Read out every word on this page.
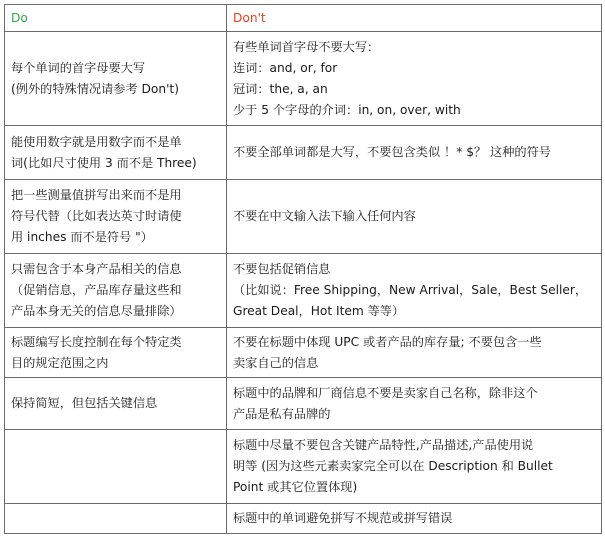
Do	Don't

每个单词的首字母要大写
(例外的特殊情况请参考 Don't)	有些单词首字母不要大写：
连词：and, or, for
冠词：the, a, an
少于 5 个字母的介词：in, on, over, with

能使用数字就是用数字而不是单
词(比如尺寸使用 3 而不是 Three)	不要全部单词都是大写，不要包含类似 ！* $？ 这种的符号

把一些测量值拼写出来而不是用
符号代替（比如表达英寸时请使
用 inches 而不是符号 "）	不要在中文输入法下输入任何内容

只需包含于本身产品相关的信息
（促销信息，产品库存量这些和
产品本身无关的信息尽量排除）	不要包括促销信息
（比如说：Free Shipping，New Arrival，Sale，Best Seller，
Great Deal，Hot Item 等等）

标题编写长度控制在每个特定类
目的规定范围之内	不要在标题中体现 UPC 或者产品的库存量; 不要包含一些
卖家自己的信息

保持简短，但包括关键信息	标题中的品牌和厂商信息不要是卖家自己名称，除非这个
产品是私有品牌的

	标题中尽量不要包含关键产品特性,产品描述,产品使用说
明等 (因为这些元素卖家完全可以在 Description 和 Bullet
Point 或其它位置体现)

	标题中的单词避免拼写不规范或拼写错误
